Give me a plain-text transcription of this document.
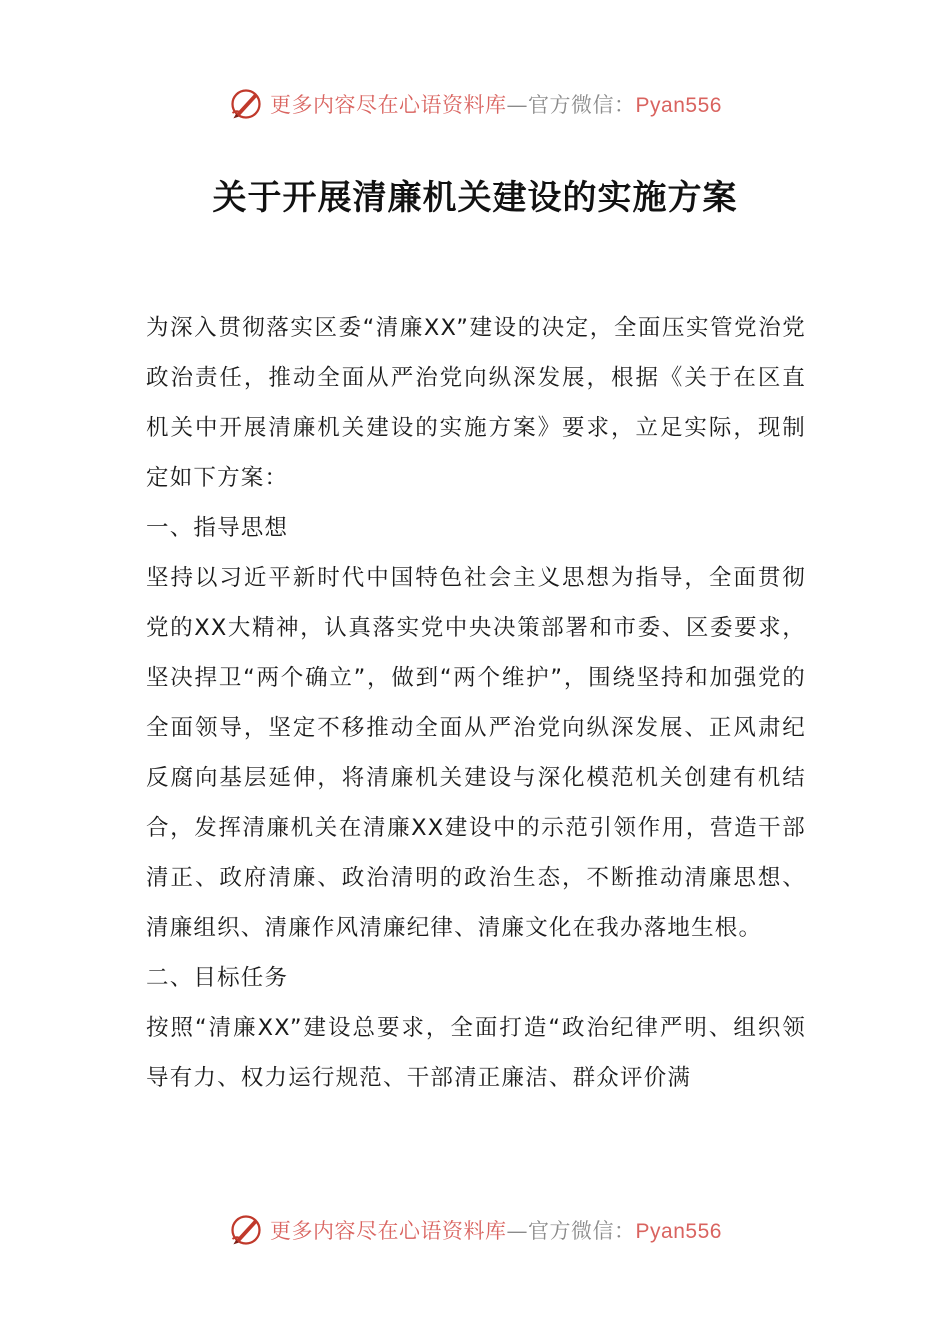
更多内容尽在心语资料库—官方微信：Pyan556
关于开展清廉机关建设的实施方案

为深入贯彻落实区委“清廉XX”建设的决定，全面压实管党治党政治责任，推动全面从严治党向纵深发展，根据《关于在区直机关中开展清廉机关建设的实施方案》要求，立足实际，现制定如下方案：

一、指导思想

坚持以习近平新时代中国特色社会主义思想为指导，全面贯彻党的XX大精神，认真落实党中央决策部署和市委、区委要求，坚决捍卫“两个确立”，做到“两个维护”，围绕坚持和加强党的全面领导，坚定不移推动全面从严治党向纵深发展、正风肃纪反腐向基层延伸，将清廉机关建设与深化模范机关创建有机结合，发挥清廉机关在清廉XX建设中的示范引领作用，营造干部清正、政府清廉、政治清明的政治生态，不断推动清廉思想、清廉组织、清廉作风清廉纪律、清廉文化在我办落地生根。

二、目标任务

按照“清廉XX”建设总要求，全面打造“政治纪律严明、组织领导有力、权力运行规范、干部清正廉洁、群众评价满

更多内容尽在心语资料库—官方微信：Pyan556
